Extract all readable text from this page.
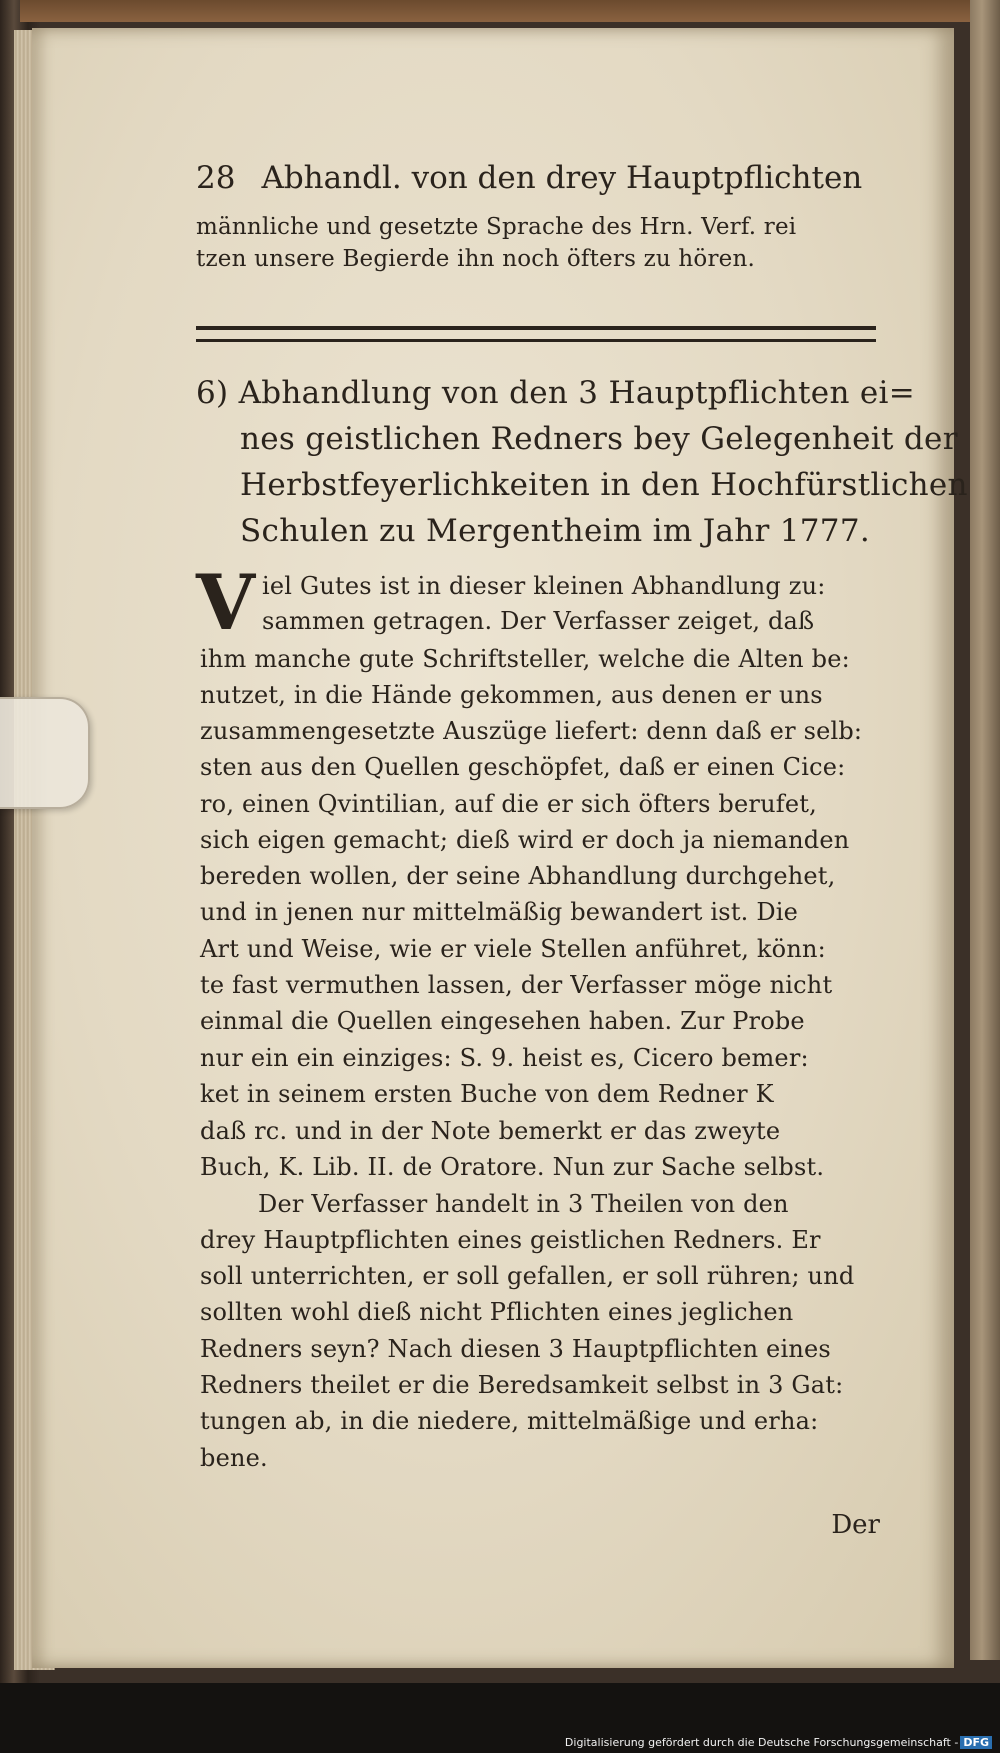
28 Abhandl. von den drey Hauptpflichten
männliche und gesetzte Sprache des Hrn. Verf. rei
tzen unsere Begierde ihn noch öfters zu hören.
6) Abhandlung von den 3 Hauptpflichten ei=
nes geistlichen Redners bey Gelegenheit der
Herbstfeyerlichkeiten in den Hochfürstlichen
Schulen zu Mergentheim im Jahr 1777.
V iel Gutes ist in dieser kleinen Abhandlung zu:
sammen getragen. Der Verfasser zeiget, daß
ihm manche gute Schriftsteller, welche die Alten be:
nutzet, in die Hände gekommen, aus denen er uns
zusammengesetzte Auszüge liefert: denn daß er selb:
sten aus den Quellen geschöpfet, daß er einen Cice:
ro, einen Qvintilian, auf die er sich öfters berufet,
sich eigen gemacht; dieß wird er doch ja niemanden
bereden wollen, der seine Abhandlung durchgehet,
und in jenen nur mittelmäßig bewandert ist. Die
Art und Weise, wie er viele Stellen anführet, könn:
te fast vermuthen lassen, der Verfasser möge nicht
einmal die Quellen eingesehen haben. Zur Probe
nur ein ein einziges: S. 9. heist es, Cicero bemer:
ket in seinem ersten Buche von dem Redner K
daß rc. und in der Note bemerkt er das zweyte
Buch, K. Lib. II. de Oratore. Nun zur Sache selbst.
Der Verfasser handelt in 3 Theilen von den
drey Hauptpflichten eines geistlichen Redners. Er
soll unterrichten, er soll gefallen, er soll rühren; und
sollten wohl dieß nicht Pflichten eines jeglichen
Redners seyn? Nach diesen 3 Hauptpflichten eines
Redners theilet er die Beredsamkeit selbst in 3 Gat:
tungen ab, in die niedere, mittelmäßige und erha:
bene.
Der
Digitalisierung gefördert durch die Deutsche Forschungsgemeinschaft - DFG
